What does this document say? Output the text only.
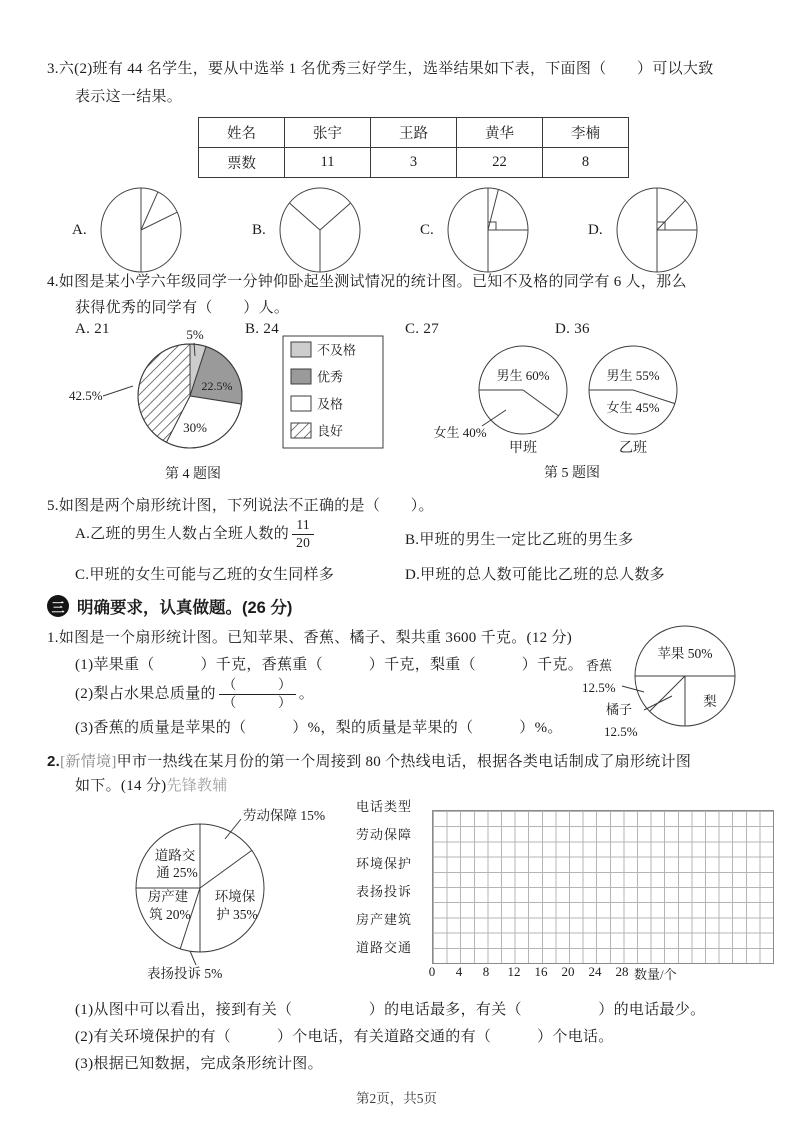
3.六(2)班有 44 名学生，要从中选举 1 名优秀三好学生，选举结果如下表，下面图（　　）可以大致
表示这一结果。
姓名	张宇	王路	黄华	李楠
票数	11	3	22	8
A.	B.	C.	D.
4.如图是某小学六年级同学一分钟仰卧起坐测试情况的统计图。已知不及格的同学有 6 人，那么
获得优秀的同学有（　　）人。
A. 21	B. 24	C. 27	D. 36
5%
42.5%
22.5%
30%
不及格
优秀
及格
良好
第 4 题图
男生 60%
女生 40%
甲班
男生 55%
女生 45%
乙班
第 5 题图
5.如图是两个扇形统计图，下列说法不正确的是（　　）。
A.乙班的男生人数占全班人数的 $\frac{11}{20}$	B.甲班的男生一定比乙班的男生多
C.甲班的女生可能与乙班的女生同样多	D.甲班的总人数可能比乙班的总人数多
三 明确要求，认真做题。(26 分)
1.如图是一个扇形统计图。已知苹果、香蕉、橘子、梨共重 3600 千克。(12 分)
(1)苹果重（　　　）千克，香蕉重（　　　）千克，梨重（　　　）千克。
(2)梨占水果总质量的 $\frac{( )}{( )}$ 。
(3)香蕉的质量是苹果的（　　　）%，梨的质量是苹果的（　　　）%。
苹果 50%
香蕉
12.5%
橘子
12.5%
梨
2.[新情境]甲市一热线在某月份的第一个周接到 80 个热线电话，根据各类电话制成了扇形统计图
如下。(14 分)先锋教辅
劳动保障 15%
道路交
通 25%
房产建
筑 20%
环境保
护 35%
表扬投诉 5%
电话类型
劳动保障
环境保护
表扬投诉
房产建筑
道路交通
0 4 8 12 16 20 24 28 数量/个
(1)从图中可以看出，接到有关（　　　　　）的电话最多，有关（　　　　　）的电话最少。
(2)有关环境保护的有（　　　）个电话，有关道路交通的有（　　　）个电话。
(3)根据已知数据，完成条形统计图。
第2页，共5页
